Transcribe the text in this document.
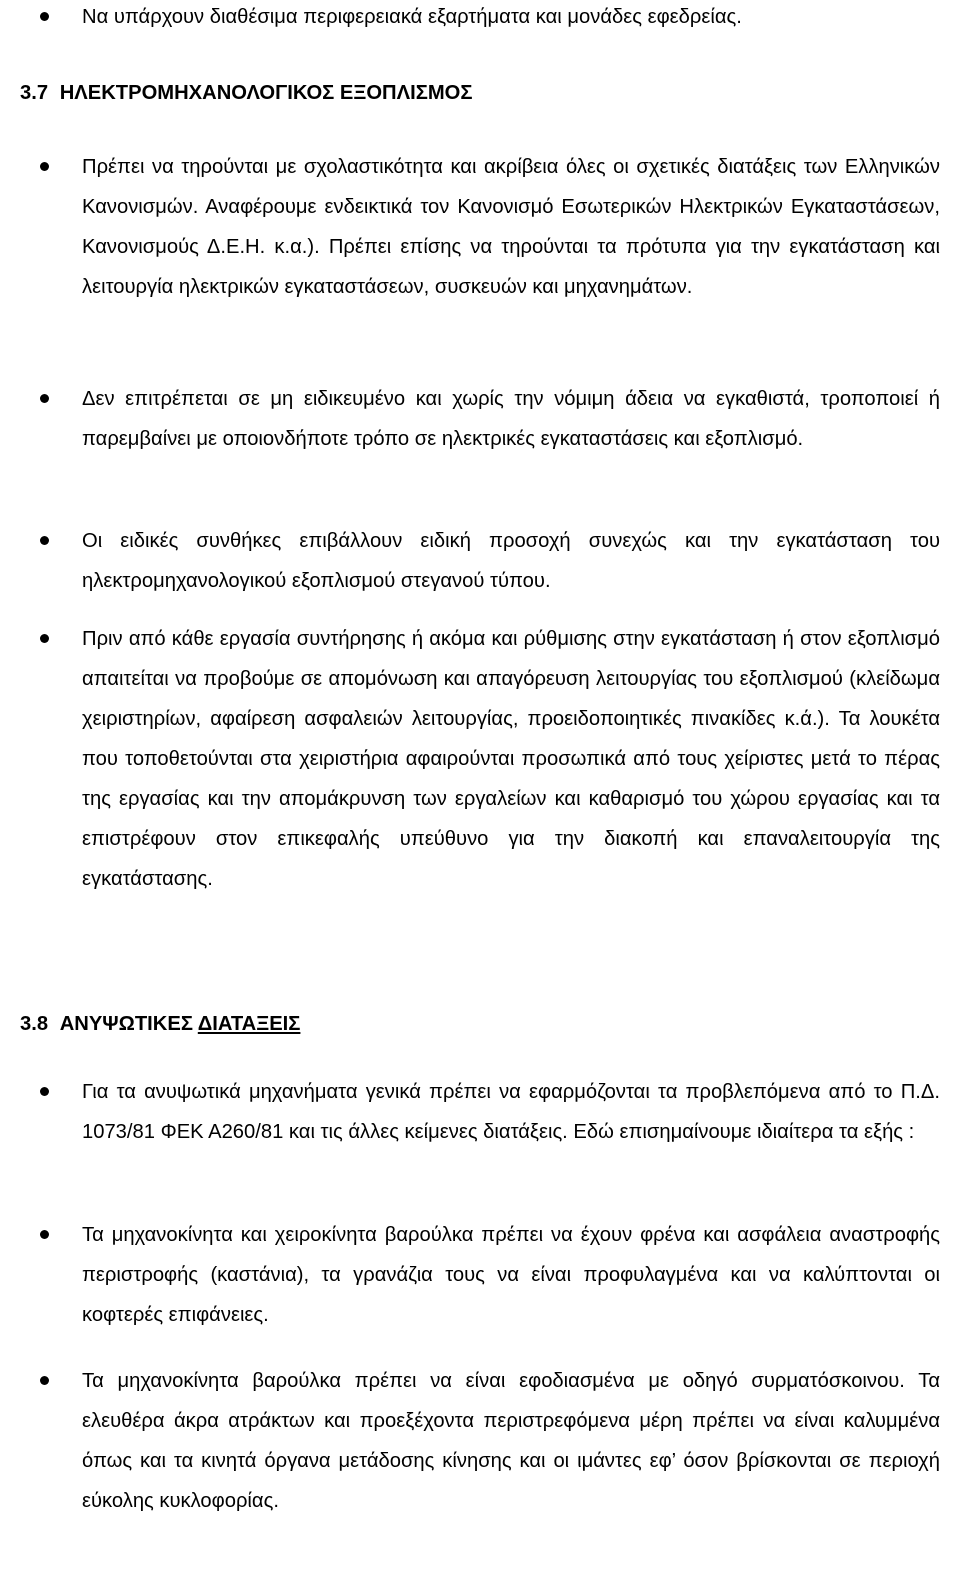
Να υπάρχουν διαθέσιμα περιφερειακά εξαρτήματα και μονάδες εφεδρείας.
3.7 ΗΛΕΚΤΡΟΜΗΧΑΝΟΛΟΓΙΚΟΣ ΕΞΟΠΛΙΣΜΟΣ
Πρέπει να τηρούνται με σχολαστικότητα και ακρίβεια όλες οι σχετικές διατάξεις των Ελληνικών Κανονισμών. Αναφέρουμε ενδεικτικά τον Κανονισμό Εσωτερικών Ηλεκτρικών Εγκαταστάσεων, Κανονισμούς Δ.Ε.Η. κ.α.). Πρέπει επίσης να τηρούνται τα πρότυπα για την εγκατάσταση και λειτουργία ηλεκτρικών εγκαταστάσεων, συσκευών και μηχανημάτων.
Δεν επιτρέπεται σε μη ειδικευμένο και χωρίς την νόμιμη άδεια να εγκαθιστά, τροποποιεί ή παρεμβαίνει με οποιονδήποτε τρόπο σε ηλεκτρικές εγκαταστάσεις και εξοπλισμό.
Οι ειδικές συνθήκες επιβάλλουν ειδική προσοχή συνεχώς και την εγκατάσταση του ηλεκτρομηχανολογικού εξοπλισμού στεγανού τύπου.
Πριν από κάθε εργασία συντήρησης ή ακόμα και ρύθμισης στην εγκατάσταση ή στον εξοπλισμό απαιτείται να προβούμε σε απομόνωση και απαγόρευση λειτουργίας του εξοπλισμού (κλείδωμα χειριστηρίων, αφαίρεση ασφαλειών λειτουργίας, προειδοποιητικές πινακίδες κ.ά.). Τα λουκέτα που τοποθετούνται στα χειριστήρια αφαιρούνται προσωπικά από τους χείριστες μετά το πέρας της εργασίας και την απομάκρυνση των εργαλείων και καθαρισμό του χώρου εργασίας και τα επιστρέφουν στον επικεφαλής υπεύθυνο για την διακοπή και επαναλειτουργία της εγκατάστασης.
3.8 ΑΝΥΨΩΤΙΚΕΣ ΔΙΑΤΑΞΕΙΣ
Για τα ανυψωτικά μηχανήματα γενικά πρέπει να εφαρμόζονται τα προβλεπόμενα από το Π.Δ. 1073/81 ΦΕΚ Α260/81 και τις άλλες κείμενες διατάξεις. Εδώ επισημαίνουμε ιδιαίτερα τα εξής :
Τα μηχανοκίνητα και χειροκίνητα βαρούλκα πρέπει να έχουν φρένα και ασφάλεια αναστροφής περιστροφής (καστάνια), τα γρανάζια τους να είναι προφυλαγμένα και να καλύπτονται οι κοφτερές επιφάνειες.
Τα μηχανοκίνητα βαρούλκα πρέπει να είναι εφοδιασμένα με οδηγό συρματόσκοινου. Τα ελευθέρα άκρα ατράκτων και προεξέχοντα περιστρεφόμενα μέρη πρέπει να είναι καλυμμένα όπως και τα κινητά όργανα μετάδοσης κίνησης και οι ιμάντες εφ’ όσον βρίσκονται σε περιοχή εύκολης κυκλοφορίας.
